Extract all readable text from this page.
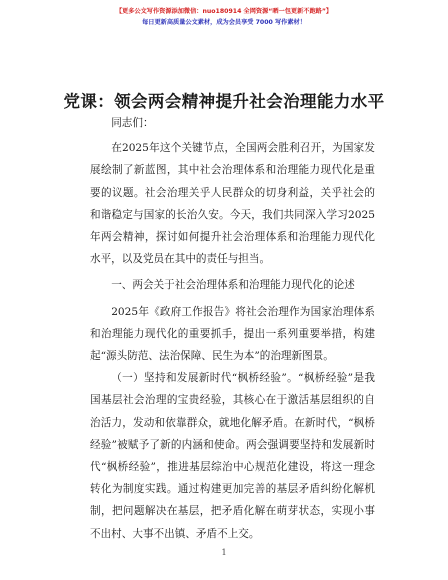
【更多公文写作资源添加微信：nuo180914 全网资源“晒一包更新不跑路”】
每日更新高质量公文素材，成为会员享受 7000 写作素材！
党课：领会两会精神提升社会治理能力水平

同志们：

在2025年这个关键节点，全国两会胜利召开，为国家发展绘制了新蓝图，其中社会治理体系和治理能力现代化是重要的议题。社会治理关乎人民群众的切身利益，关乎社会的和谐稳定与国家的长治久安。今天，我们共同深入学习2025年两会精神，探讨如何提升社会治理体系和治理能力现代化水平，以及党员在其中的责任与担当。

一、两会关于社会治理体系和治理能力现代化的论述

2025年《政府工作报告》将社会治理作为国家治理体系和治理能力现代化的重要抓手，提出一系列重要举措，构建起“源头防范、法治保障、民生为本”的治理新图景。

（一）坚持和发展新时代“枫桥经验”。“枫桥经验”是我国基层社会治理的宝贵经验，其核心在于激活基层组织的自治活力，发动和依靠群众，就地化解矛盾。在新时代，“枫桥经验”被赋予了新的内涵和使命。两会强调要坚持和发展新时代“枫桥经验”，推进基层综治中心规范化建设，将这一理念转化为制度实践。通过构建更加完善的基层矛盾纠纷化解机制，把问题解决在基层，把矛盾化解在萌芽状态，实现小事不出村、大事不出镇、矛盾不上交。

1
